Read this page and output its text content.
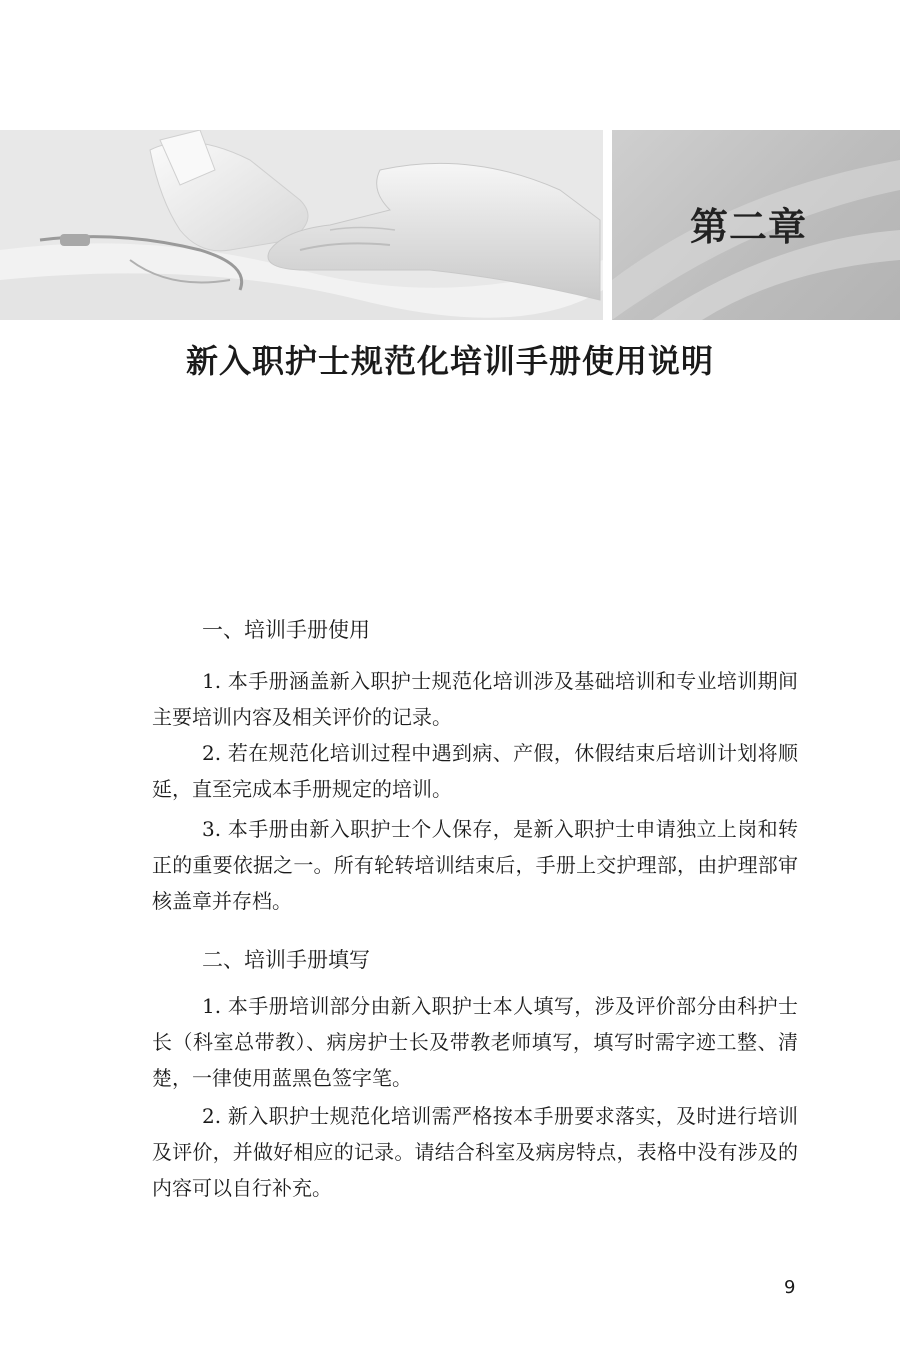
第二章
新入职护士规范化培训手册使用说明
一、培训手册使用

1. 本手册涵盖新入职护士规范化培训涉及基础培训和专业培训期间主要培训内容及相关评价的记录。

2. 若在规范化培训过程中遇到病、产假，休假结束后培训计划将顺延，直至完成本手册规定的培训。

3. 本手册由新入职护士个人保存，是新入职护士申请独立上岗和转正的重要依据之一。所有轮转培训结束后，手册上交护理部，由护理部审核盖章并存档。

二、培训手册填写

1. 本手册培训部分由新入职护士本人填写，涉及评价部分由科护士长（科室总带教）、病房护士长及带教老师填写，填写时需字迹工整、清楚，一律使用蓝黑色签字笔。

2. 新入职护士规范化培训需严格按本手册要求落实，及时进行培训及评价，并做好相应的记录。请结合科室及病房特点，表格中没有涉及的内容可以自行补充。

9
